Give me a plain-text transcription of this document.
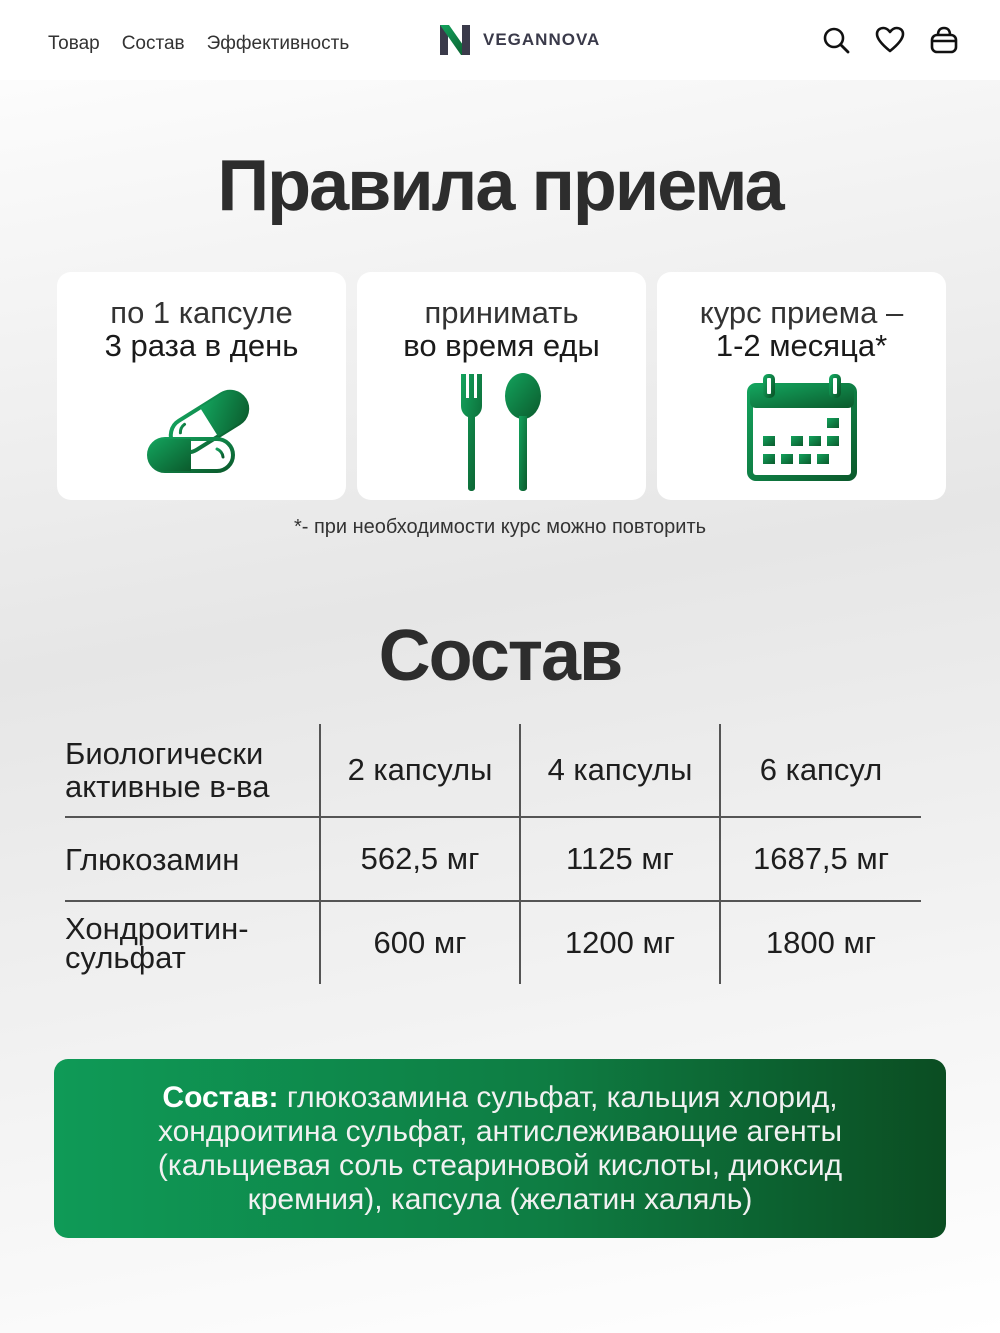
Товар Состав Эффективность	VEGANNOVA
Правила приема
по 1 капсуле
3 раза в день
принимать
во время еды
курс приема –
1-2 месяца*
*- при необходимости курс можно повторить
Состав
Биологически активные в-ва	2 капсулы	4 капсулы	6 капсул
Глюкозамин	562,5 мг	1125 мг	1687,5 мг
Хондроитин-сульфат	600 мг	1200 мг	1800 мг
Состав: глюкозамина сульфат, кальция хлорид, хондроитина сульфат, антислеживающие агенты (кальциевая соль стеариновой кислоты, диоксид кремния), капсула (желатин халяль)
